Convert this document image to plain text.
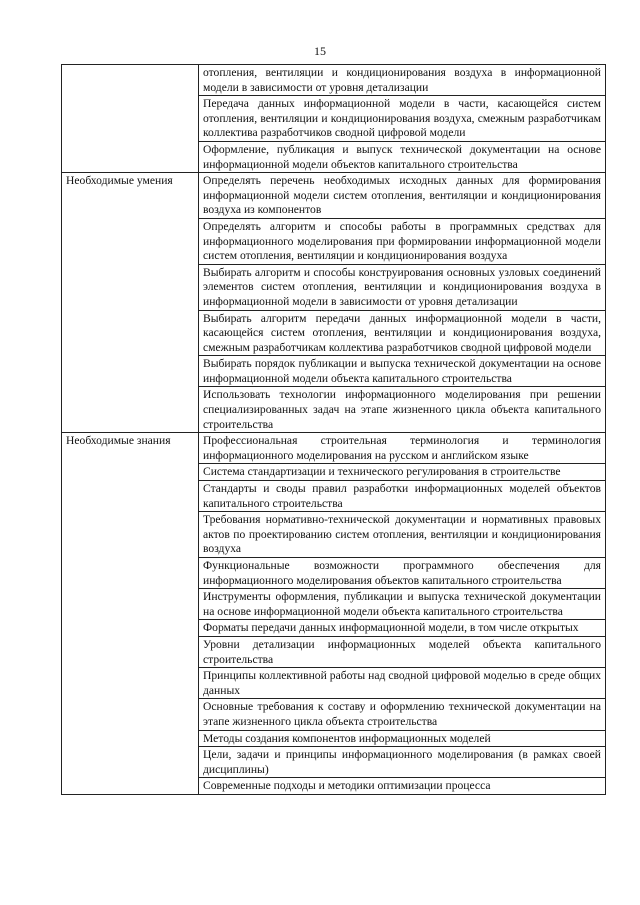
15
	отопления, вентиляции и кондиционирования воздуха в информационной модели в зависимости от уровня детализации
	Передача данных информационной модели в части, касающейся систем отопления, вентиляции и кондиционирования воздуха, смежным разработчикам коллектива разработчиков сводной цифровой модели
	Оформление, публикация и выпуск технической документации на основе информационной модели объектов капитального строительства
Необходимые умения	Определять перечень необходимых исходных данных для формирования информационной модели систем отопления, вентиляции и кондиционирования воздуха из компонентов
	Определять алгоритм и способы работы в программных средствах для информационного моделирования при формировании информационной модели систем отопления, вентиляции и кондиционирования воздуха
	Выбирать алгоритм и способы конструирования основных узловых соединений элементов систем отопления, вентиляции и кондиционирования воздуха в информационной модели в зависимости от уровня детализации
	Выбирать алгоритм передачи данных информационной модели в части, касающейся систем отопления, вентиляции и кондиционирования воздуха, смежным разработчикам коллектива разработчиков сводной цифровой модели
	Выбирать порядок публикации и выпуска технической документации на основе информационной модели объекта капитального строительства
	Использовать технологии информационного моделирования при решении специализированных задач на этапе жизненного цикла объекта капитального строительства
Необходимые знания	Профессиональная строительная терминология и терминология информационного моделирования на русском и английском языке
	Система стандартизации и технического регулирования в строительстве
	Стандарты и своды правил разработки информационных моделей объектов капитального строительства
	Требования нормативно-технической документации и нормативных правовых актов по проектированию систем отопления, вентиляции и кондиционирования воздуха
	Функциональные возможности программного обеспечения для информационного моделирования объектов капитального строительства
	Инструменты оформления, публикации и выпуска технической документации на основе информационной модели объекта капитального строительства
	Форматы передачи данных информационной модели, в том числе открытых
	Уровни детализации информационных моделей объекта капитального строительства
	Принципы коллективной работы над сводной цифровой моделью в среде общих данных
	Основные требования к составу и оформлению технической документации на этапе жизненного цикла объекта строительства
	Методы создания компонентов информационных моделей
	Цели, задачи и принципы информационного моделирования (в рамках своей дисциплины)
	Современные подходы и методики оптимизации процесса
